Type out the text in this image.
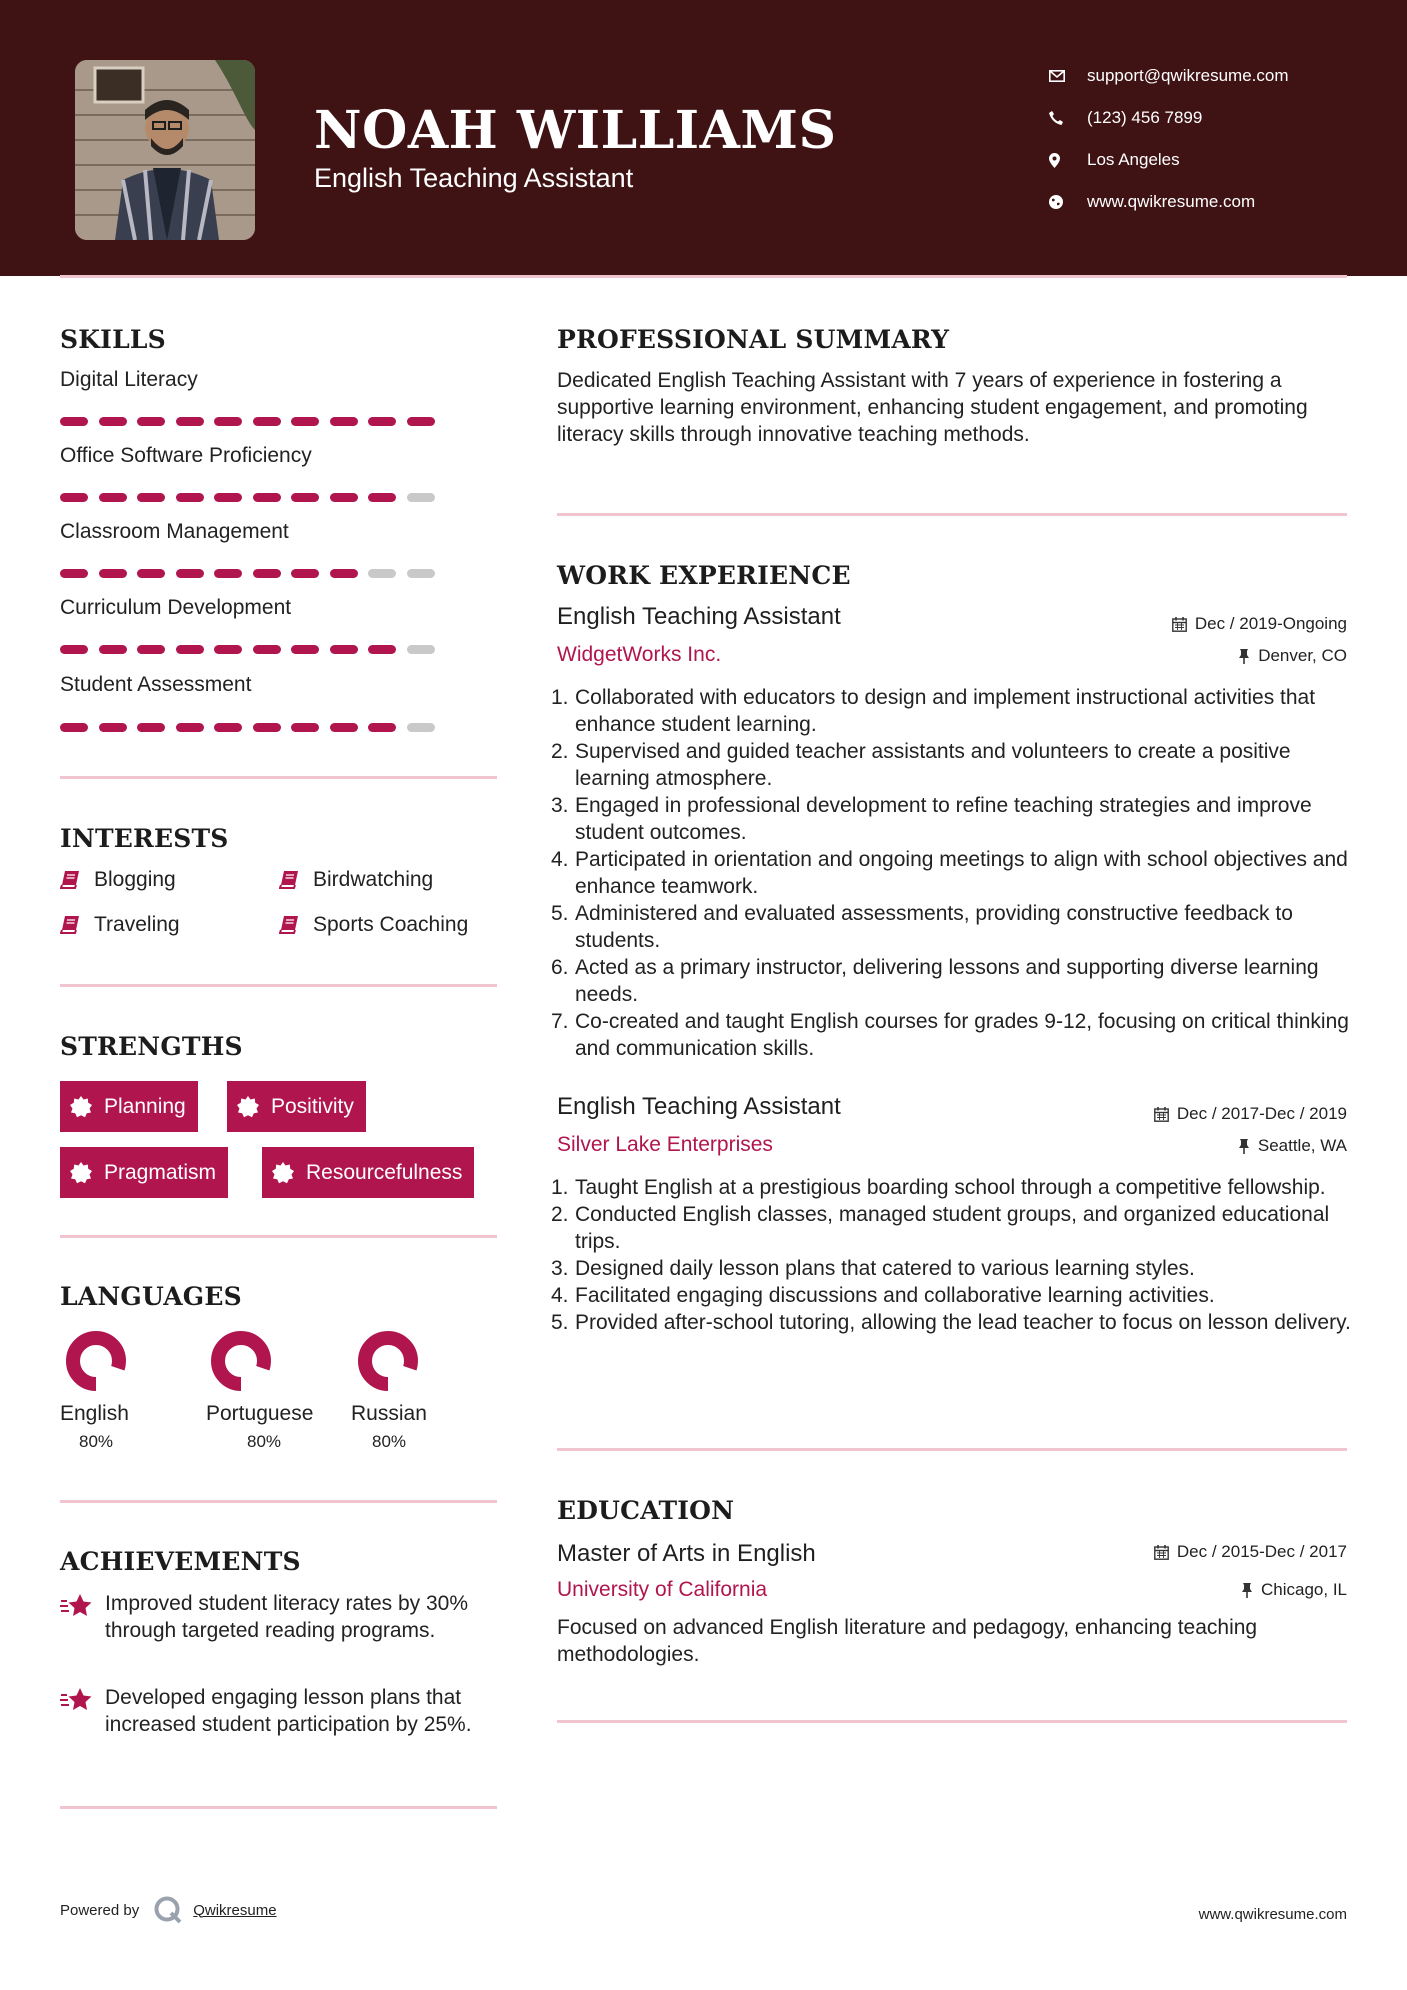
NOAH WILLIAMS
English Teaching Assistant
support@qwikresume.com
(123) 456 7899
Los Angeles
www.qwikresume.com
SKILLS
Digital Literacy
Office Software Proficiency
Classroom Management
Curriculum Development
Student Assessment
INTERESTS
Blogging	Birdwatching
Traveling	Sports Coaching
STRENGTHS
Planning	Positivity
Pragmatism	Resourcefulness
LANGUAGES
English
80%
Portuguese
80%
Russian
80%
ACHIEVEMENTS
Improved student literacy rates by 30% through targeted reading programs.
Developed engaging lesson plans that increased student participation by 25%.
PROFESSIONAL SUMMARY
Dedicated English Teaching Assistant with 7 years of experience in fostering a supportive learning environment, enhancing student engagement, and promoting literacy skills through innovative teaching methods.
WORK EXPERIENCE
English Teaching Assistant	Dec / 2019-Ongoing
WidgetWorks Inc.	Denver, CO
1. Collaborated with educators to design and implement instructional activities that enhance student learning.
2. Supervised and guided teacher assistants and volunteers to create a positive learning atmosphere.
3. Engaged in professional development to refine teaching strategies and improve student outcomes.
4. Participated in orientation and ongoing meetings to align with school objectives and enhance teamwork.
5. Administered and evaluated assessments, providing constructive feedback to students.
6. Acted as a primary instructor, delivering lessons and supporting diverse learning needs.
7. Co-created and taught English courses for grades 9-12, focusing on critical thinking and communication skills.
English Teaching Assistant	Dec / 2017-Dec / 2019
Silver Lake Enterprises	Seattle, WA
1. Taught English at a prestigious boarding school through a competitive fellowship.
2. Conducted English classes, managed student groups, and organized educational trips.
3. Designed daily lesson plans that catered to various learning styles.
4. Facilitated engaging discussions and collaborative learning activities.
5. Provided after-school tutoring, allowing the lead teacher to focus on lesson delivery.
EDUCATION
Master of Arts in English	Dec / 2015-Dec / 2017
University of California	Chicago, IL
Focused on advanced English literature and pedagogy, enhancing teaching methodologies.
Powered by	Qwikresume	www.qwikresume.com
